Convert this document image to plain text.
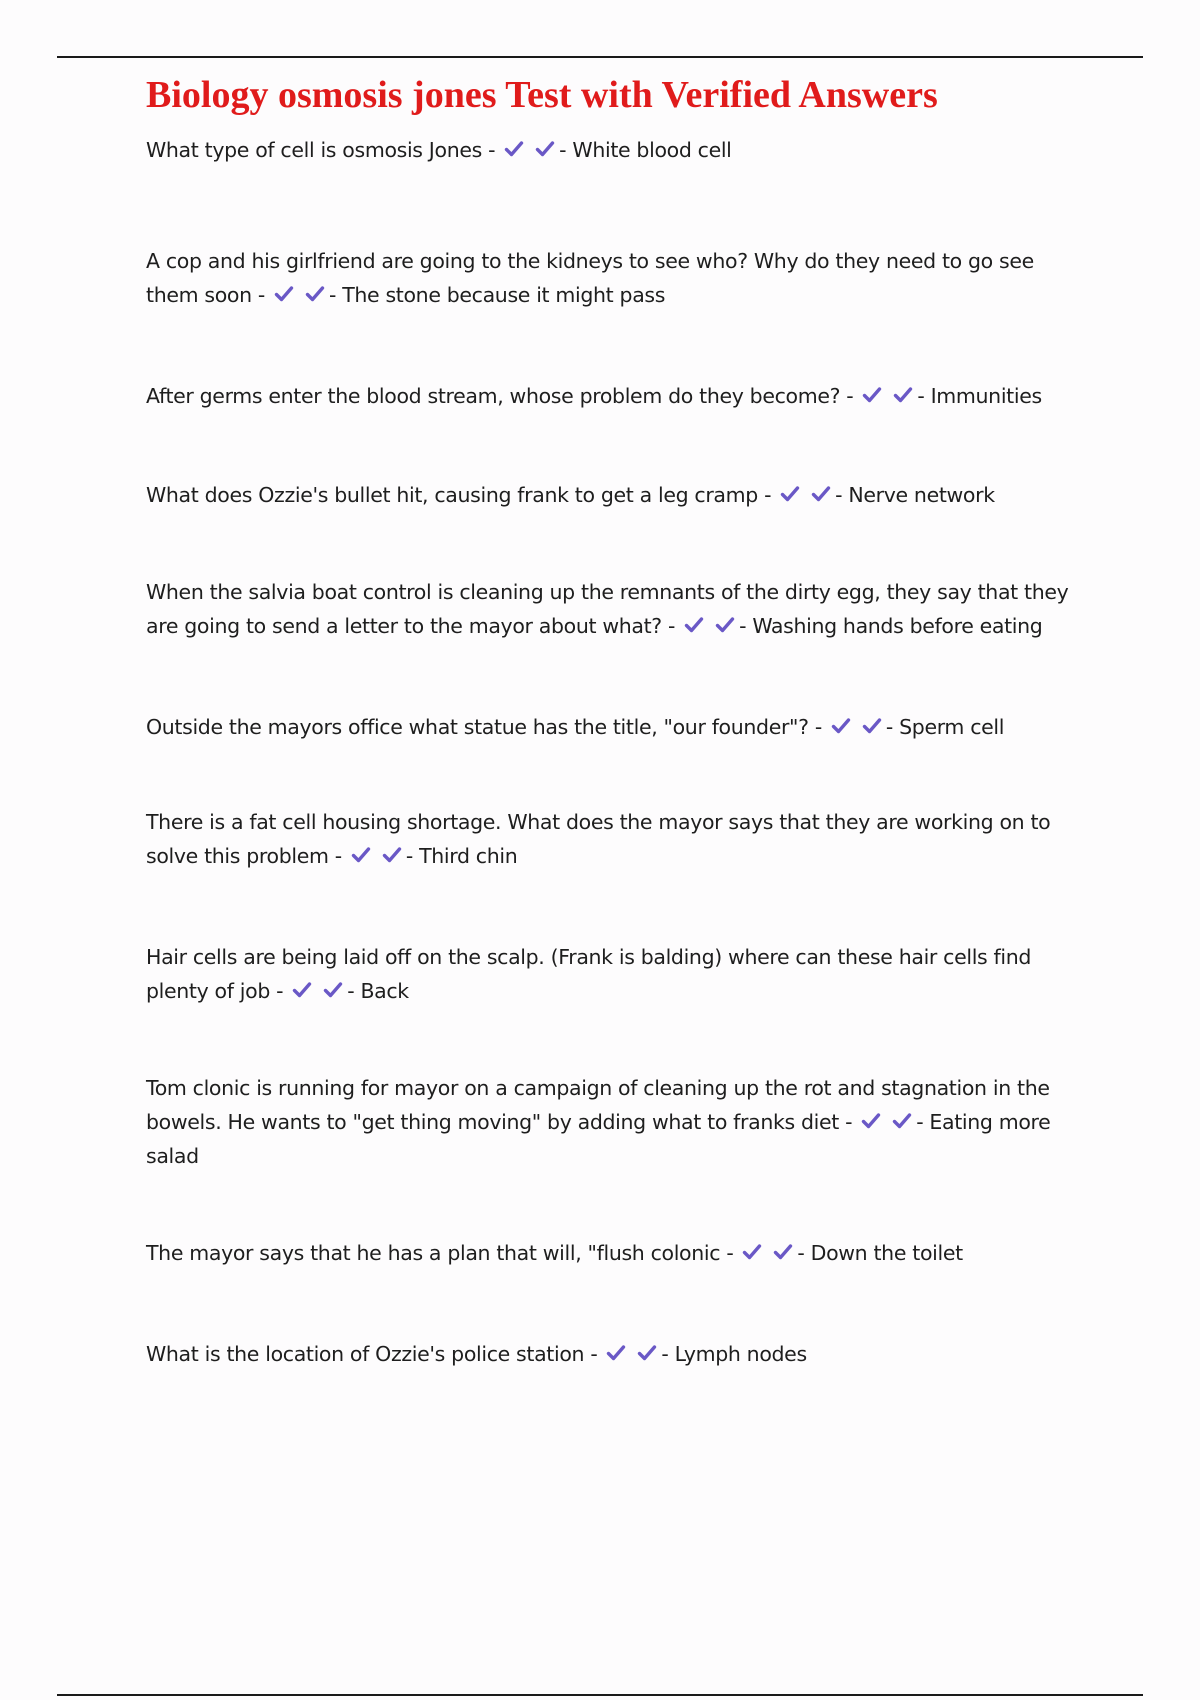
Biology osmosis jones Test with Verified Answers

What type of cell is osmosis Jones -	- White blood cell

A cop and his girlfriend are going to the kidneys to see who? Why do they need to go see them soon -	- The stone because it might pass

After germs enter the blood stream, whose problem do they become? -	- Immunities

What does Ozzie's bullet hit, causing frank to get a leg cramp -	- Nerve network

When the salvia boat control is cleaning up the remnants of the dirty egg, they say that they are going to send a letter to the mayor about what? -	- Washing hands before eating

Outside the mayors office what statue has the title, "our founder"? -	- Sperm cell

There is a fat cell housing shortage. What does the mayor says that they are working on to solve this problem -	- Third chin

Hair cells are being laid off on the scalp. (Frank is balding) where can these hair cells find plenty of job -	- Back

Tom clonic is running for mayor on a campaign of cleaning up the rot and stagnation in the bowels. He wants to "get thing moving" by adding what to franks diet -	- Eating more salad

The mayor says that he has a plan that will, "flush colonic -	- Down the toilet

What is the location of Ozzie's police station -	- Lymph nodes
